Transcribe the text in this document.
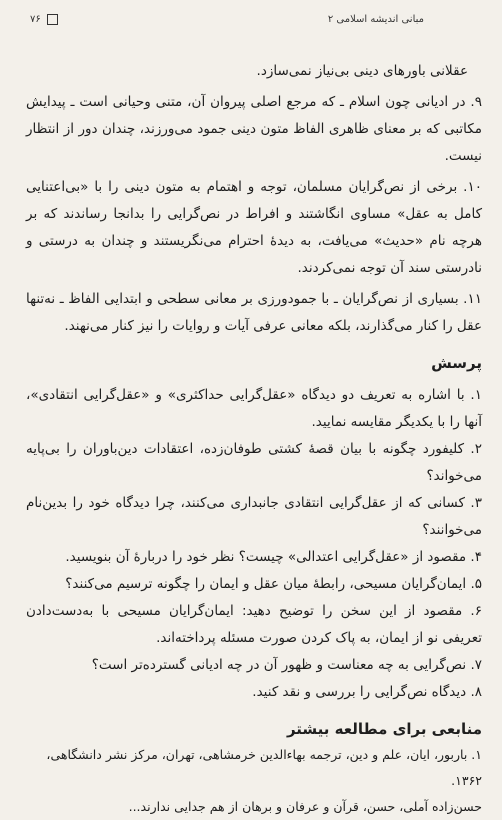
مبانی اندیشه اسلامی ۲
۷۶

عقلانی باورهای دینی بی‌نیاز نمی‌سازد.

۹. در ادیانی چون اسلام ـ که مرجع اصلی پیروان آن، متنی وحیانی است ـ پیدایش مکاتبی که بر معنای ظاهری الفاظ متون دینی جمود می‌ورزند، چندان دور از انتظار نیست.

۱۰. برخی از نص‌گرایان مسلمان، توجه و اهتمام به متون دینی را با «بی‌اعتنایی کامل به عقل» مساوی انگاشتند و افراط در نص‌گرایی را بدانجا رساندند که بر هرچه نام «حدیث» می‌یافت، به دیدهٔ احترام می‌نگریستند و چندان به درستی و نادرستی سند آن توجه نمی‌کردند.

۱۱. بسیاری از نص‌گرایان ـ با جمودورزی بر معانی سطحی و ابتدایی الفاظ ـ نه‌تنها عقل را کنار می‌گذارند، بلکه معانی عرفی آیات و روایات را نیز کنار می‌نهند.

پرسش

۱. با اشاره به تعریف دو دیدگاه «عقل‌گرایی حداکثری» و «عقل‌گرایی انتقادی»، آنها را با یکدیگر مقایسه نمایید.

۲. کلیفورد چگونه با بیان قصهٔ کشتی طوفان‌زده، اعتقادات دین‌باوران را بی‌پایه می‌خواند؟

۳. کسانی که از عقل‌گرایی انتقادی جانبداری می‌کنند، چرا دیدگاه خود را بدین‌نام می‌خوانند؟

۴. مقصود از «عقل‌گرایی اعتدالی» چیست؟ نظر خود را دربارهٔ آن بنویسید.

۵. ایمان‌گرایان مسیحی، رابطهٔ میان عقل و ایمان را چگونه ترسیم می‌کنند؟

۶. مقصود از این سخن را توضیح دهید: ایمان‌گرایان مسیحی با به‌دست‌دادن تعریفی نو از ایمان، به پاک کردن صورت مسئله پرداخته‌اند.

۷. نص‌گرایی به چه معناست و ظهور آن در چه ادیانی گسترده‌تر است؟

۸. دیدگاه نص‌گرایی را بررسی و نقد کنید.

منابعی برای مطالعه بیشتر

۱. باربور، ایان، علم و دین، ترجمه بهاءالدین خرمشاهی، تهران، مرکز نشر دانشگاهی، ۱۳۶۲.

حسن‌زاده آملی، حسن، قرآن و عرفان و برهان از هم جدایی ندارند...
